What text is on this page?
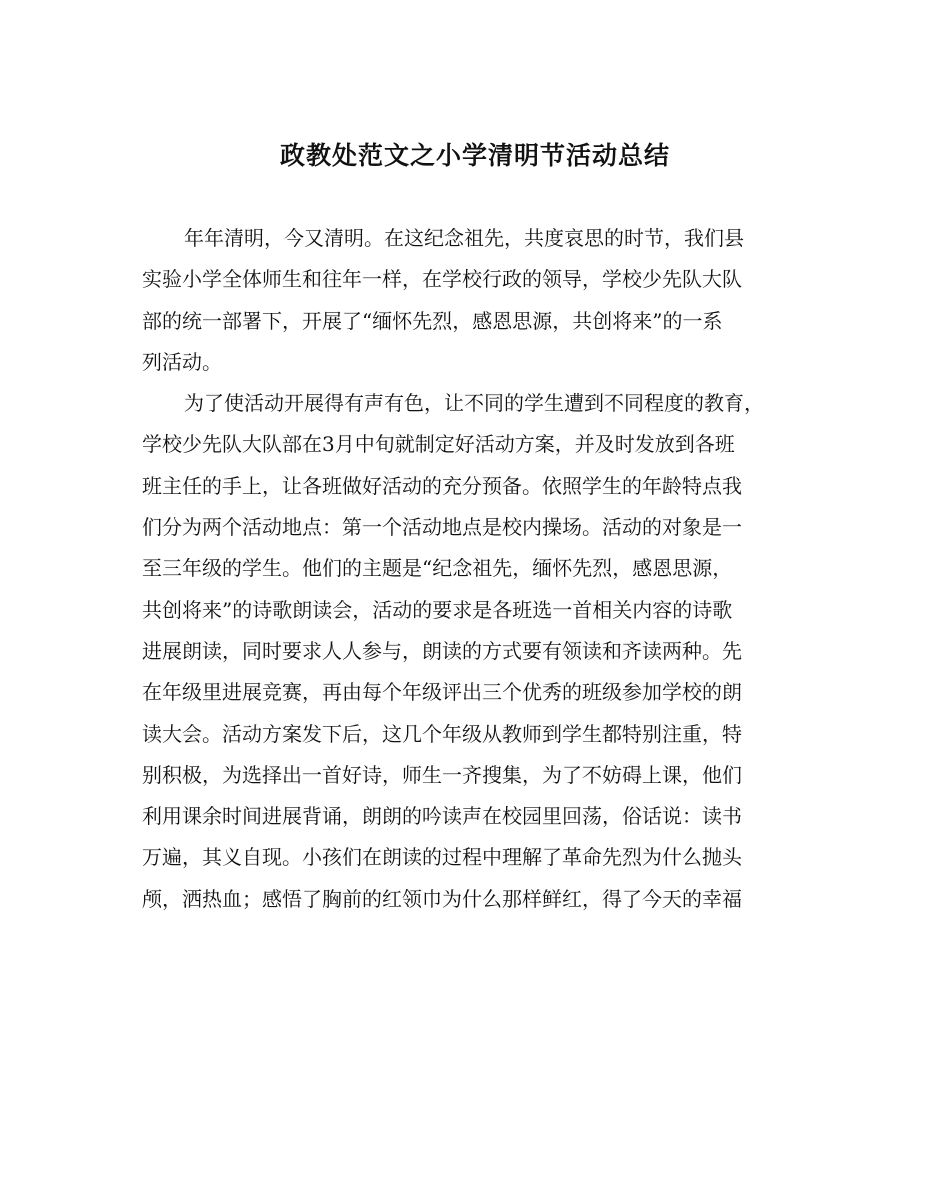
政教处范文之小学清明节活动总结

年年清明，今又清明。在这纪念祖先，共度哀思的时节，我们县
实验小学全体师生和往年一样，在学校行政的领导，学校少先队大队
部的统一部署下，开展了“缅怀先烈，感恩思源，共创将来”的一系
列活动。

为了使活动开展得有声有色，让不同的学生遭到不同程度的教育，
学校少先队大队部在3月中旬就制定好活动方案，并及时发放到各班
班主任的手上，让各班做好活动的充分预备。依照学生的年龄特点我
们分为两个活动地点：第一个活动地点是校内操场。活动的对象是一
至三年级的学生。他们的主题是“纪念祖先，缅怀先烈，感恩思源，
共创将来”的诗歌朗读会，活动的要求是各班选一首相关内容的诗歌
进展朗读，同时要求人人参与，朗读的方式要有领读和齐读两种。先
在年级里进展竞赛，再由每个年级评出三个优秀的班级参加学校的朗
读大会。活动方案发下后，这几个年级从教师到学生都特别注重，特
别积极，为选择出一首好诗，师生一齐搜集，为了不妨碍上课，他们
利用课余时间进展背诵，朗朗的吟读声在校园里回荡，俗话说：读书
万遍，其义自现。小孩们在朗读的过程中理解了革命先烈为什么抛头
颅，洒热血；感悟了胸前的红领巾为什么那样鲜红，得了今天的幸福
